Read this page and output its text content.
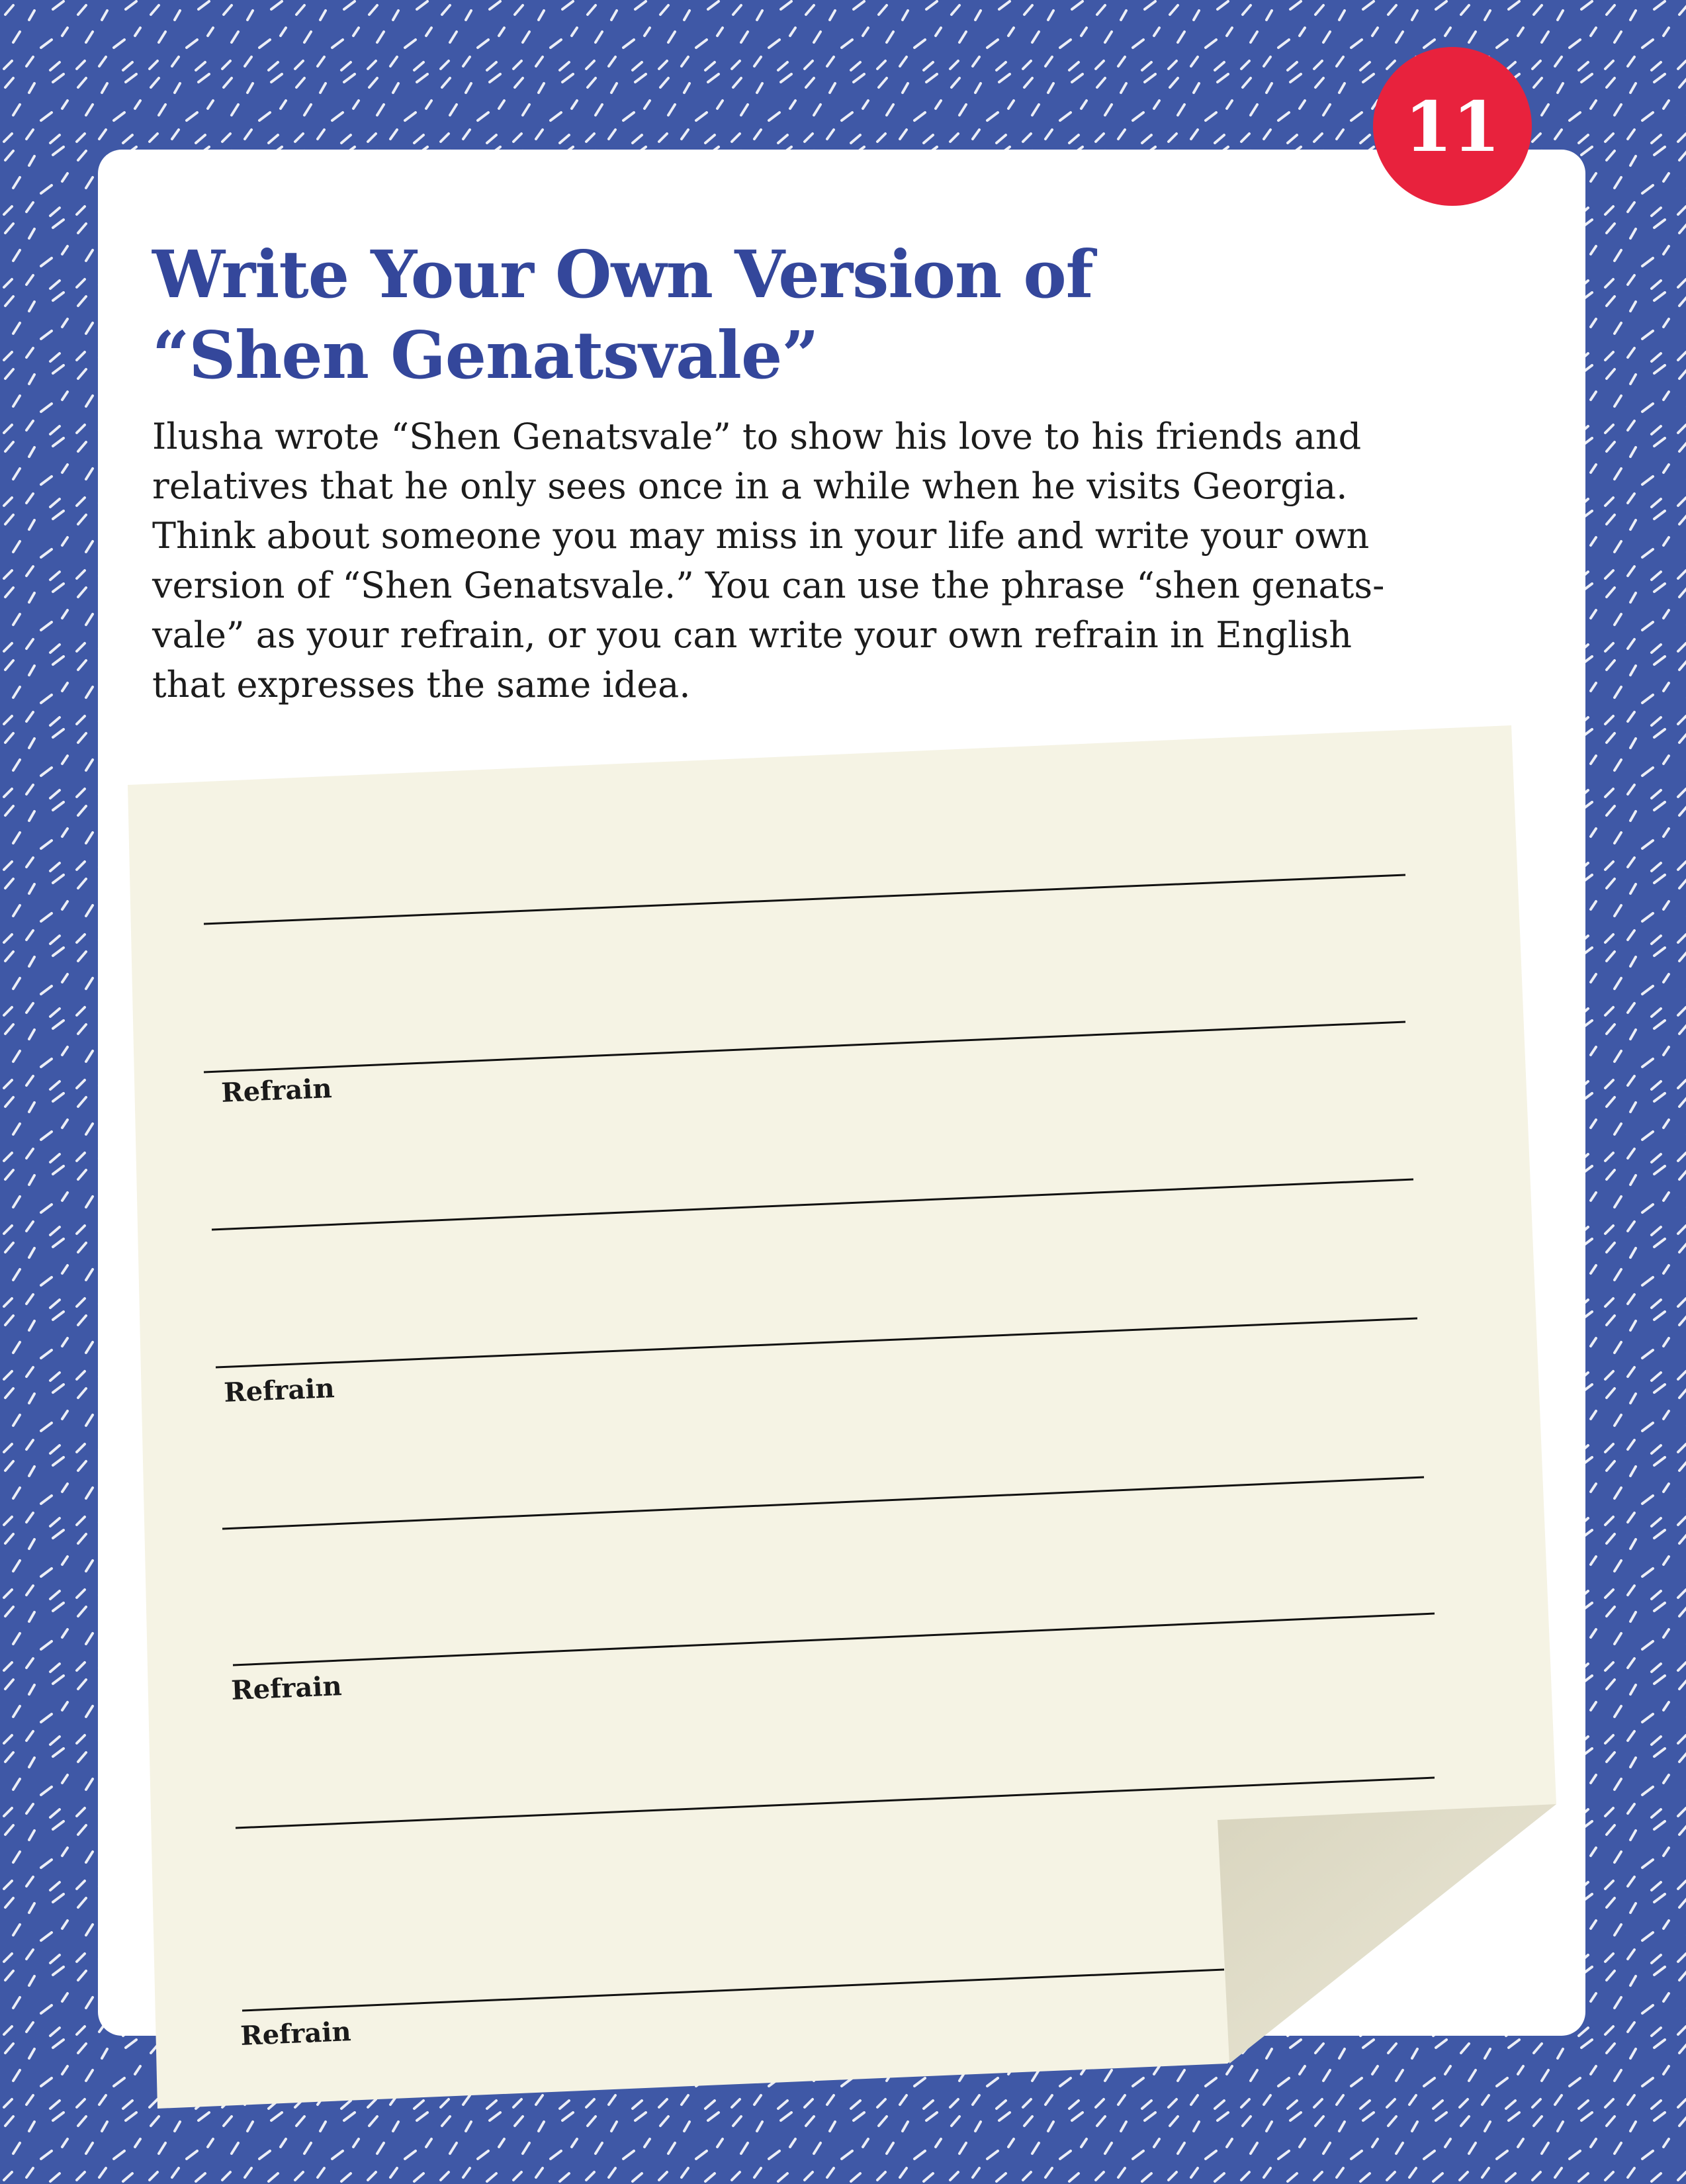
11
Write Your Own Version of
“Shen Genatsvale”

Ilusha wrote “Shen Genatsvale” to show his love to his friends and
relatives that he only sees once in a while when he visits Georgia.
Think about someone you may miss in your life and write your own
version of “Shen Genatsvale.” You can use the phrase “shen genats-
vale” as your refrain, or you can write your own refrain in English
that expresses the same idea.

Refrain
Refrain
Refrain
Refrain
